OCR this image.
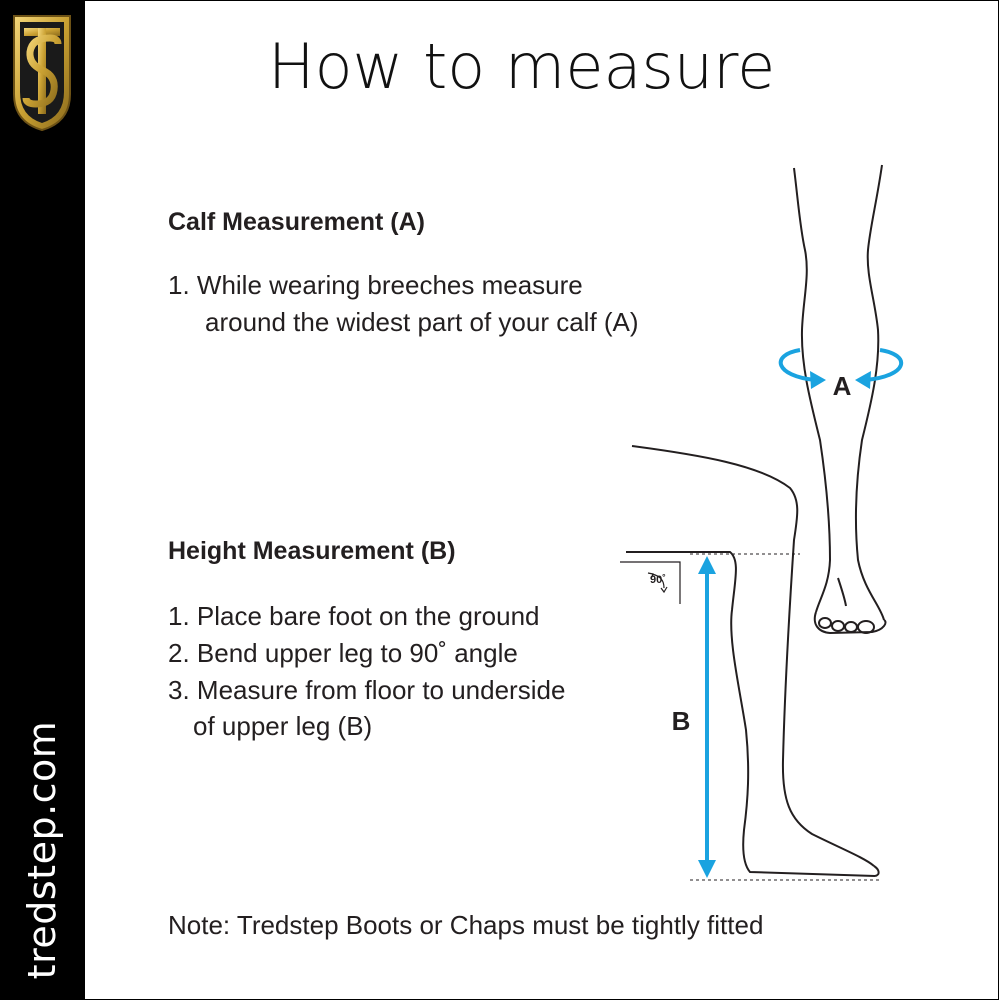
tredstep.com
How to measure
Calf Measurement (A)
1. While wearing breeches measure
around the widest part of your calf (A)
Height Measurement (B)
1. Place bare foot on the ground
2. Bend upper leg to 90˚ angle
3. Measure from floor to underside
of upper leg (B)
Note: Tredstep Boots or Chaps must be tightly fitted
A
90˚
B
